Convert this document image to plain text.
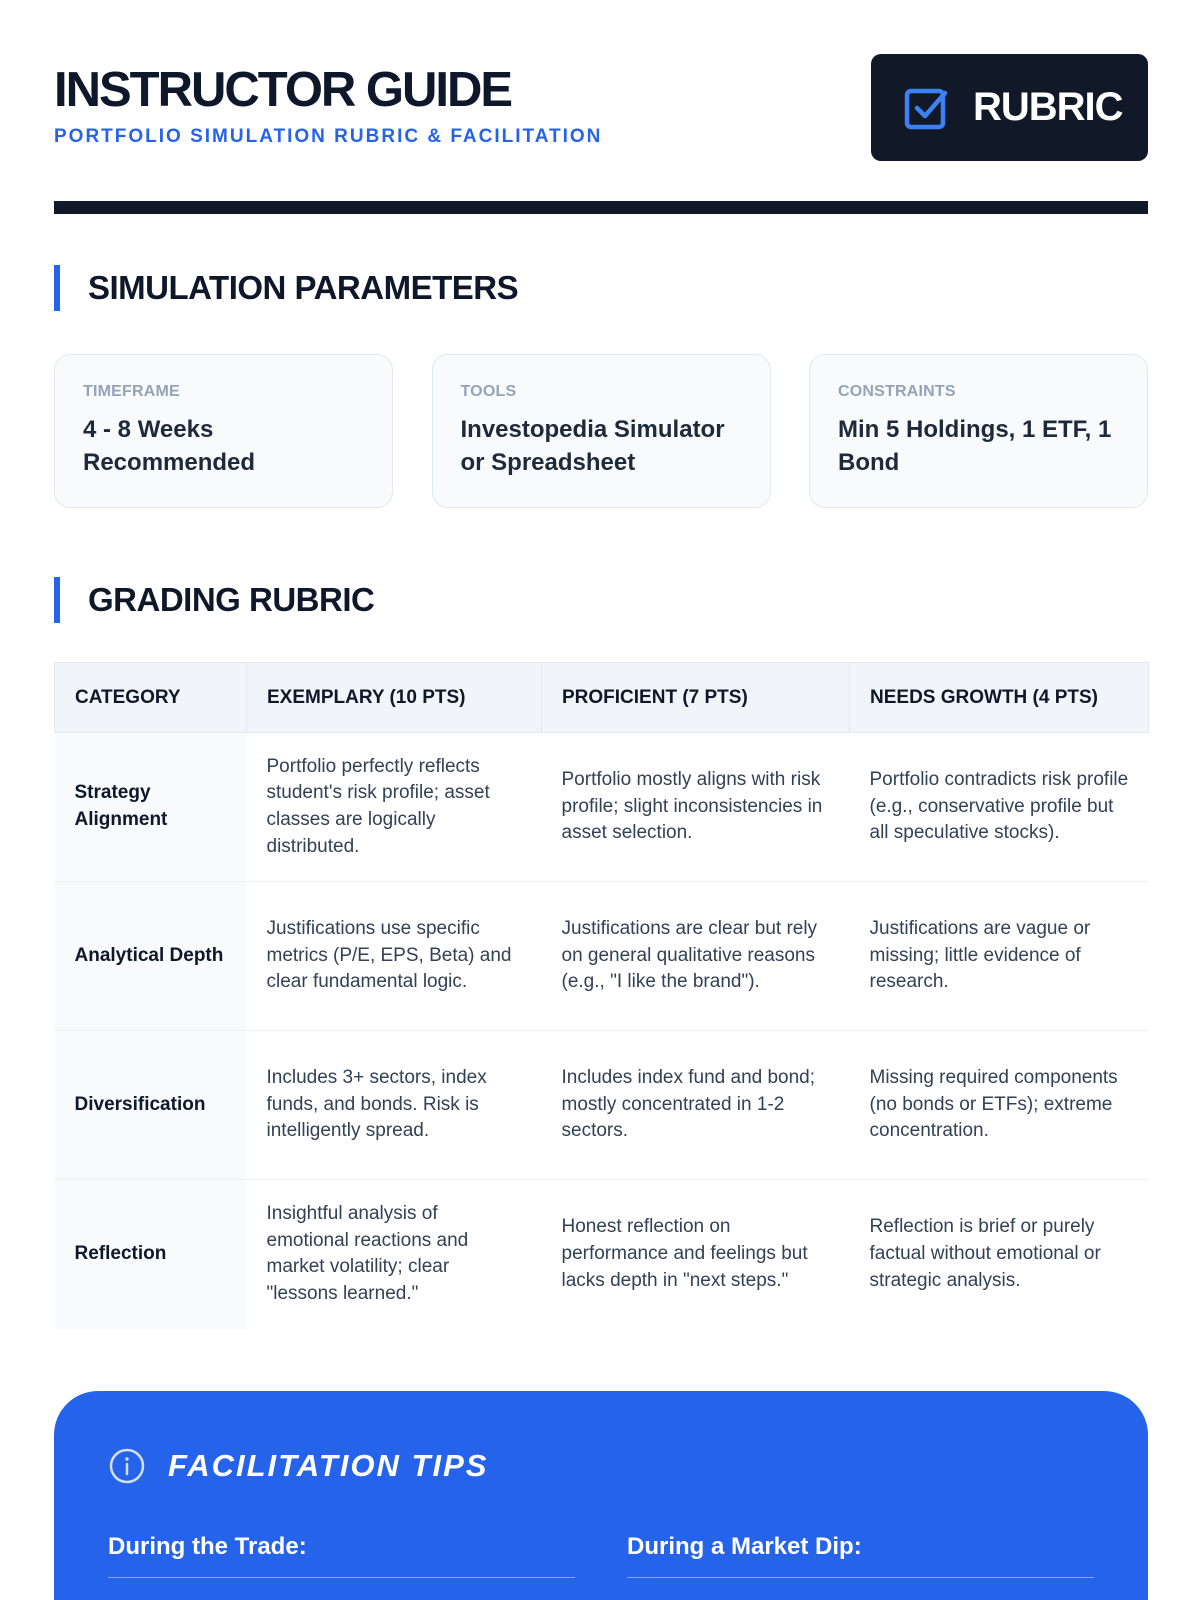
INSTRUCTOR GUIDE
PORTFOLIO SIMULATION RUBRIC & FACILITATION
RUBRIC
SIMULATION PARAMETERS
TIMEFRAME
4 - 8 Weeks Recommended
TOOLS
Investopedia Simulator or Spreadsheet
CONSTRAINTS
Min 5 Holdings, 1 ETF, 1 Bond
GRADING RUBRIC
CATEGORY	EXEMPLARY (10 PTS)	PROFICIENT (7 PTS)	NEEDS GROWTH (4 PTS)
Strategy Alignment	Portfolio perfectly reflects student's risk profile; asset classes are logically distributed.	Portfolio mostly aligns with risk profile; slight inconsistencies in asset selection.	Portfolio contradicts risk profile (e.g., conservative profile but all speculative stocks).
Analytical Depth	Justifications use specific metrics (P/E, EPS, Beta) and clear fundamental logic.	Justifications are clear but rely on general qualitative reasons (e.g., "I like the brand").	Justifications are vague or missing; little evidence of research.
Diversification	Includes 3+ sectors, index funds, and bonds. Risk is intelligently spread.	Includes index fund and bond; mostly concentrated in 1-2 sectors.	Missing required components (no bonds or ETFs); extreme concentration.
Reflection	Insightful analysis of emotional reactions and market volatility; clear "lessons learned."	Honest reflection on performance and feelings but lacks depth in "next steps."	Reflection is brief or purely factual without emotional or strategic analysis.
FACILITATION TIPS
During the Trade:	During a Market Dip:
